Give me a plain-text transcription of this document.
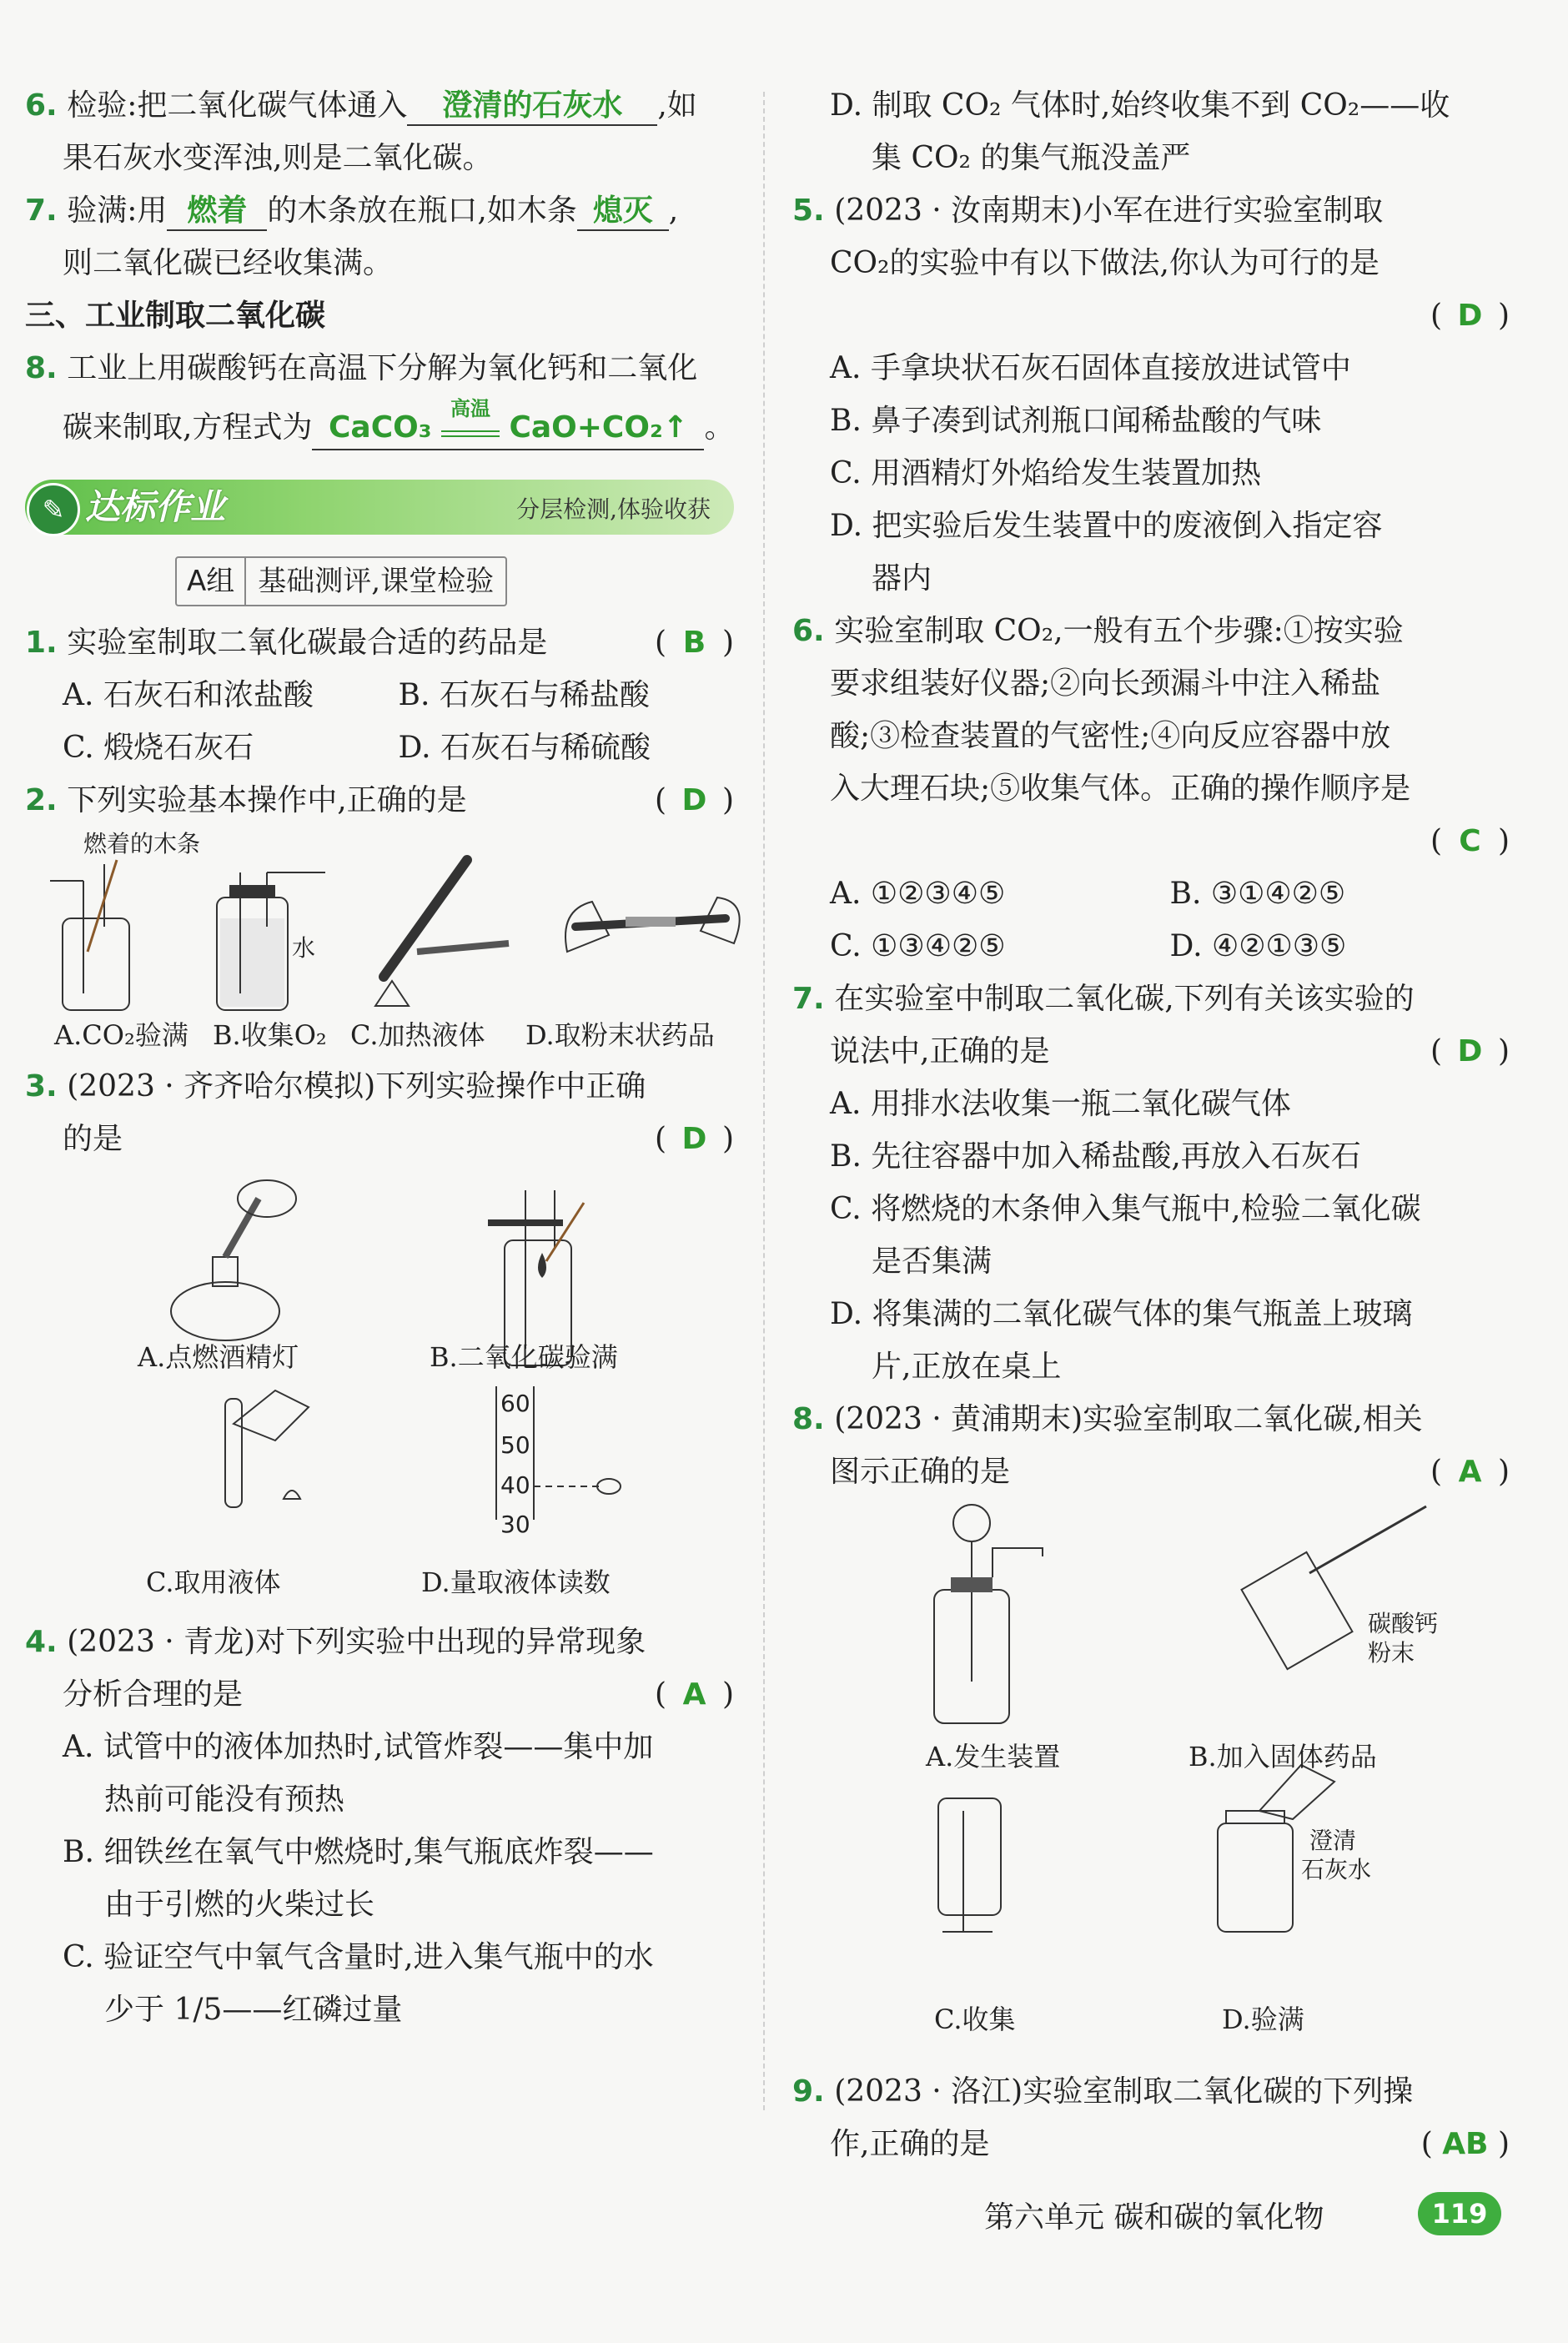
6. 检验:把二氧化碳气体通入 澄清的石灰水 ,如
果石灰水变浑浊,则是二氧化碳。
7. 验满:用 燃着 的木条放在瓶口,如木条 熄灭 ,
则二氧化碳已经收集满。
三、工业制取二氧化碳
8. 工业上用碳酸钙在高温下分解为氧化钙和二氧化
碳来制取,方程式为 CaCO₃
高温
CaO+CO₂↑ 。
✎ 达标作业	分层检测,体验收获
A组 基础测评,课堂检验
1. 实验室制取二氧化碳最合适的药品是	( B )
A. 石灰石和浓盐酸	B. 石灰石与稀盐酸
C. 煅烧石灰石	D. 石灰石与稀硫酸
2. 下列实验基本操作中,正确的是	( D )
燃着的木条
水
A.CO₂验满 B.收集O₂ C.加热液体 D.取粉末状药品
3. (2023 · 齐齐哈尔模拟)下列实验操作中正确
的是	( D )
60
50
40
30
A.点燃酒精灯	B.二氧化碳验满
C.取用液体	D.量取液体读数
4. (2023 · 青龙)对下列实验中出现的异常现象
分析合理的是	( A )
A. 试管中的液体加热时,试管炸裂——集中加
热前可能没有预热
B. 细铁丝在氧气中燃烧时,集气瓶底炸裂——
由于引燃的火柴过长
C. 验证空气中氧气含量时,进入集气瓶中的水
少于 1/5——红磷过量
D. 制取 CO₂ 气体时,始终收集不到 CO₂——收
集 CO₂ 的集气瓶没盖严
5. (2023 · 汝南期末)小军在进行实验室制取
CO₂的实验中有以下做法,你认为可行的是
( D )

A. 手拿块状石灰石固体直接放进试管中
B. 鼻子凑到试剂瓶口闻稀盐酸的气味
C. 用酒精灯外焰给发生装置加热
D. 把实验后发生装置中的废液倒入指定容
器内
6. 实验室制取 CO₂,一般有五个步骤:①按实验
要求组装好仪器;②向长颈漏斗中注入稀盐
酸;③检查装置的气密性;④向反应容器中放
入大理石块;⑤收集气体。正确的操作顺序是
( C )

A. ①②③④⑤	B. ③①④②⑤
C. ①③④②⑤	D. ④②①③⑤
7. 在实验室中制取二氧化碳,下列有关该实验的
说法中,正确的是	( D )
A. 用排水法收集一瓶二氧化碳气体
B. 先往容器中加入稀盐酸,再放入石灰石
C. 将燃烧的木条伸入集气瓶中,检验二氧化碳
是否集满
D. 将集满的二氧化碳气体的集气瓶盖上玻璃
片,正放在桌上
8. (2023 · 黄浦期末)实验室制取二氧化碳,相关
图示正确的是	( A )
碳酸钙
粉末
澄清
石灰水
A.发生装置	B.加入固体药品
C.收集	D.验满
9. (2023 · 洛江)实验室制取二氧化碳的下列操
作,正确的是	( AB )
第六单元 碳和碳的氧化物	119
